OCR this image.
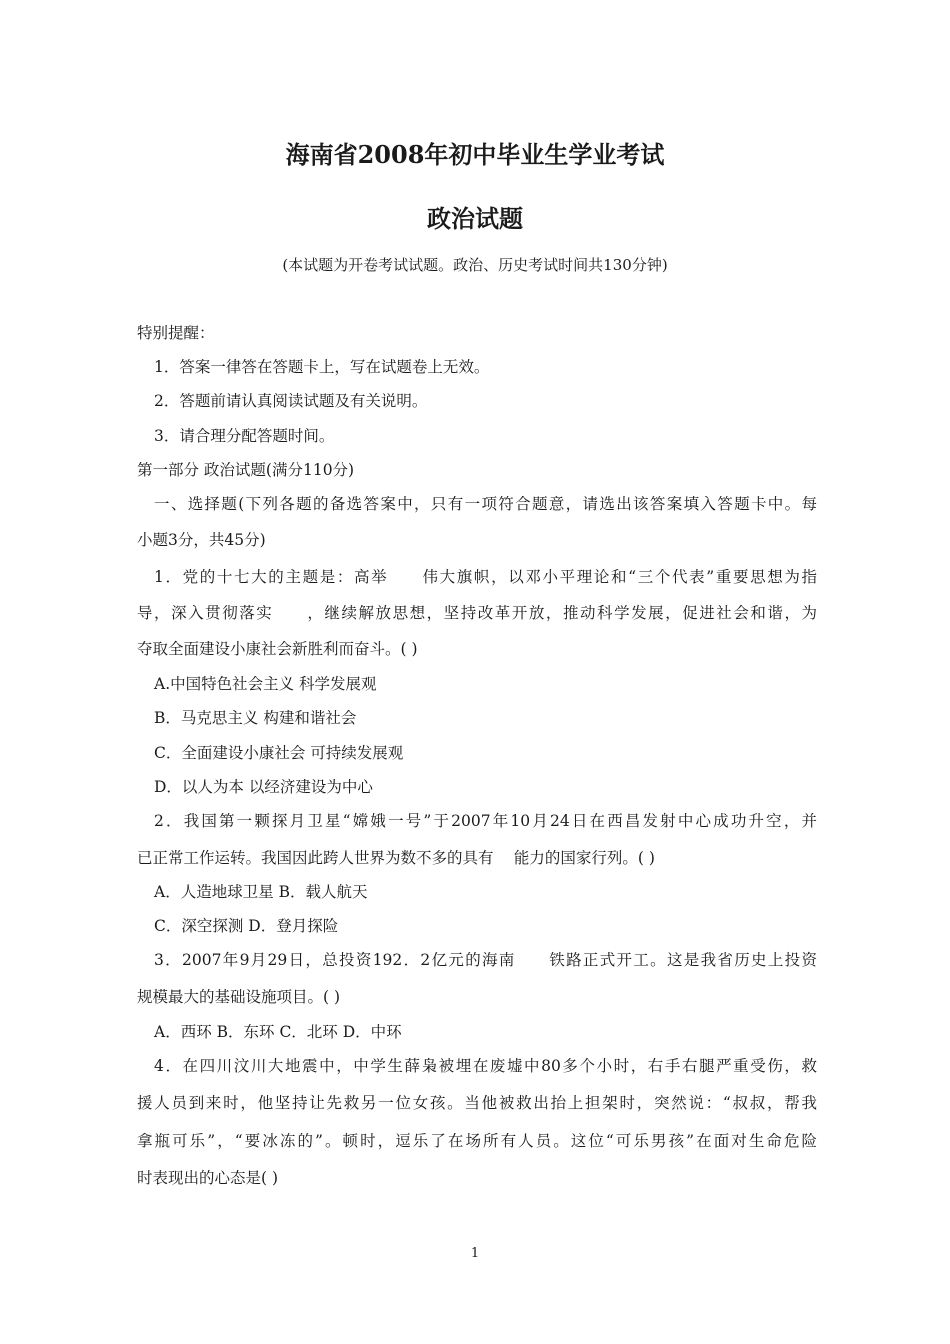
海南省2008年初中毕业生学业考试
政治试题
(本试题为开卷考试试题。政治、历史考试时间共130分钟)
特别提醒：
1．答案一律答在答题卡上，写在试题卷上无效。
2．答题前请认真阅读试题及有关说明。
3．请合理分配答题时间。
第一部分 政治试题(满分110分)
一、选择题(下列各题的备选答案中，只有一项符合题意，请选出该答案填入答题卡中。每
小题3分，共45分)
1．党的十七大的主题是：高举　　伟大旗帜，以邓小平理论和“三个代表”重要思想为指
导，深入贯彻落实　　，继续解放思想，坚持改革开放，推动科学发展，促进社会和谐，为
夺取全面建设小康社会新胜利而奋斗。( )
A.中国特色社会主义 科学发展观
B．马克思主义 构建和谐社会
C．全面建设小康社会 可持续发展观
D．以人为本 以经济建设为中心
2．我国第一颗探月卫星“嫦娥一号”于2007年10月24日在西昌发射中心成功升空，并
已正常工作运转。我国因此跨人世界为数不多的具有　 能力的国家行列。( )
A．人造地球卫星 B．载人航天
C．深空探测 D．登月探险
3．2007年9月29日，总投资192．2亿元的海南　　铁路正式开工。这是我省历史上投资
规模最大的基础设施项目。( )
A．西环 B．东环 C．北环 D．中环
4．在四川汶川大地震中，中学生薛枭被埋在废墟中80多个小时，右手右腿严重受伤，救
援人员到来时，他坚持让先救另一位女孩。当他被救出抬上担架时，突然说：“叔叔，帮我
拿瓶可乐”，“要冰冻的”。顿时，逗乐了在场所有人员。这位“可乐男孩”在面对生命危险
时表现出的心态是( )
1
